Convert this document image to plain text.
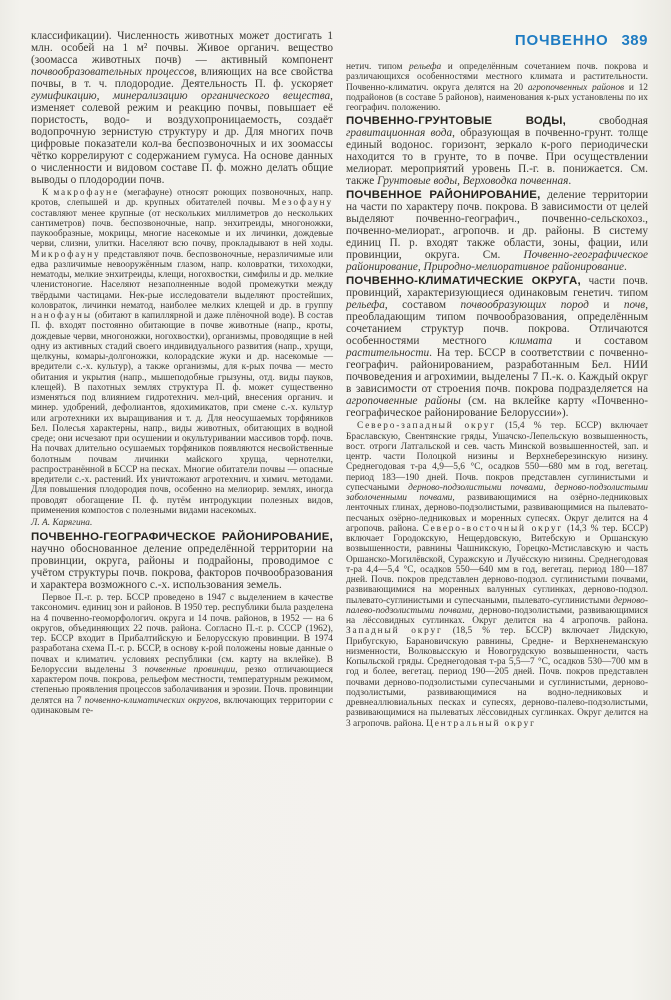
классификации). Численность животных может достигать 1 млн. особей на 1 м² почвы. Живое органич. вещество (зоомасса животных почв) — активный компонент почвообразовательных процессов, влияющих на все свойства почвы, в т. ч. плодородие. Деятельность П. ф. ускоряет гумификацию, минерализацию органического вещества, изменяет солевой режим и реакцию почвы, повышает её пористость, водо- и воздухопроницаемость, создаёт водопрочную зернистую структуру и др. Для многих почв цифровые показатели кол-ва беспозвоночных и их зоомассы чётко коррелируют с содержанием гумуса. На основе данных о численности и видовом составе П. ф. можно делать общие выводы о плодородии почв.

К макрофауне (мегафауне) относят роющих позвоночных, напр. кротов, слепышей и др. крупных обитателей почвы. Мезофауну составляют менее крупные (от нескольких миллиметров до нескольких сантиметров) почв. беспозвоночные, напр. энхитреиды, многоножки, паукообразные, мокрицы, многие насекомые и их личинки, дождевые черви, слизни, улитки. Населяют всю почву, прокладывают в ней ходы. Микрофауну представляют почв. беспозвоночные, неразличимые или едва различимые невооружённым глазом, напр. коловратки, тихоходки, нематоды, мелкие энхитреиды, клещи, ногохвостки, симфилы и др. мелкие членистоногие. Населяют незаполненные водой промежутки между твёрдыми частицами. Нек-рые исследователи выделяют простейших, коловраток, личинки нематод, наиболее мелких клещей и др. в группу нанофауны (обитают в капиллярной и даже плёночной воде). В состав П. ф. входят постоянно обитающие в почве животные (напр., кроты, дождевые черви, многоножки, ногохвостки), организмы, проводящие в ней одну из активных стадий своего индивидуального развития (напр., хрущи, щелкуны, комары-долгоножки, колорадские жуки и др. насекомые — вредители с.-х. культур), а также организмы, для к-рых почва — место обитания и укрытия (напр., мышеподобные грызуны, отд. виды пауков, клещей). В пахотных землях структура П. ф. может существенно изменяться под влиянием гидротехнич. мел-ций, внесения органич. и минер. удобрений, дефолиантов, ядохимикатов, при смене с.-х. культур или агротехники их выращивания и т. д. Для неосушаемых торфяников Бел. Полесья характерны, напр., виды животных, обитающих в водной среде; они исчезают при осушении и окультуривании массивов торф. почв. На почвах длительно осушаемых торфяников появляются несвойственные болотным почвам личинки майского хруща, чернотелки, распространённой в БССР на песках. Многие обитатели почвы — опасные вредители с.-х. растений. Их уничтожают агротехнич. и химич. методами. Для повышения плодородия почв, особенно на мелиорир. землях, иногда проводят обогащение П. ф. путём интродукции полезных видов, применения компостов с полезными видами насекомых.

Л. А. Карягина.

ПОЧВЕННО-ГЕОГРАФИЧЕСКОЕ РАЙОНИРОВАНИЕ, научно обоснованное деление определённой территории на провинции, округа, районы и подрайоны, проводимое с учётом структуры почв. покрова, факторов почвообразования и характера возможного с.-х. использования земель.

Первое П.-г. р. тер. БССР проведено в 1947 с выделением в качестве таксономич. единиц зон и районов. В 1950 тер. республики была разделена на 4 почвенно-геоморфологич. округа и 14 почв. районов, в 1952 — на 6 округов, объединяющих 22 почв. района. Согласно П.-г. р. СССР (1962), тер. БССР входит в Прибалтийскую и Белорусскую провинции. В 1974 разработана схема П.-г. р. БССР, в основу к-рой положены новые данные о почвах и климатич. условиях республики (см. карту на вклейке). В Белоруссии выделены 3 почвенные провинции, резко отличающиеся характером почв. покрова, рельефом местности, температурным режимом, степенью проявления процессов заболачивания и эрозии. Почв. провинции делятся на 7 почвенно-климатических округов, включающих территории с одинаковым ге-

ПОЧВЕННО 389

нетич. типом рельефа и определённым сочетанием почв. покрова и различающихся особенностями местного климата и растительности. Почвенно-климатич. округа делятся на 20 агропочвенных районов и 12 подрайонов (в составе 5 районов), наименования к-рых установлены по их географич. положению.

ПОЧВЕННО-ГРУНТОВЫЕ ВОДЫ, свободная гравитационная вода, образующая в почвенно-грунт. толще единый водонос. горизонт, зеркало к-рого периодически находится то в грунте, то в почве. При осуществлении мелиорат. мероприятий уровень П.-г. в. понижается. См. также Грунтовые воды, Верховодка почвенная.

ПОЧВЕННОЕ РАЙОНИРОВАНИЕ, деление территории на части по характеру почв. покрова. В зависимости от целей выделяют почвенно-географич., почвенно-сельскохоз., почвенно-мелиорат., агропочв. и др. районы. В систему единиц П. р. входят также области, зоны, фации, или провинции, округа. См. Почвенно-географическое районирование, Природно-мелиоративное районирование.

ПОЧВЕННО-КЛИМАТИЧЕСКИЕ ОКРУГА, части почв. провинций, характеризующиеся одинаковым генетич. типом рельефа, составом почвообразующих пород и почв, преобладающим типом почвообразования, определённым сочетанием структур почв. покрова. Отличаются особенностями местного климата и составом растительности. На тер. БССР в соответствии с почвенно-географич. районированием, разработанным Бел. НИИ почвоведения и агрохимии, выделены 7 П.-к. о. Каждый округ в зависимости от строения почв. покрова подразделяется на агропочвенные районы (см. на вклейке карту «Почвенно-географическое районирование Белоруссии»).

Северо-западный округ (15,4 % тер. БССР) включает Браславскую, Свентянские гряды, Ушачско-Лепельскую возвышенность, вост. отроги Латгальской и сев. часть Минской возвышенностей, зап. и центр. части Полоцкой низины и Верхнеберезинскую низину. Среднегодовая т-ра 4,9—5,6 °С, осадков 550—680 мм в год, вегетац. период 183—190 дней. Почв. покров представлен суглинистыми и супесчаными дерново-подзолистыми почвами, дерново-подзолистыми заболоченными почвами, развивающимися на озёрно-ледниковых ленточных глинах, дерново-подзолистыми, развивающимися на пылевато-песчаных озёрно-ледниковых и моренных супесях. Округ делится на 4 агропочв. района. Северо-восточный округ (14,3 % тер. БССР) включает Городокскую, Нещердовскую, Витебскую и Оршанскую возвышенности, равнины Чашникскую, Горецко-Мстиславскую и часть Оршанско-Могилёвской, Суражскую и Лучёсскую низины. Среднегодовая т-ра 4,4—5,4 °С, осадков 550—640 мм в год, вегетац. период 180—187 дней. Почв. покров представлен дерново-подзол. суглинистыми почвами, развивающимися на моренных валунных суглинках, дерново-подзол. пылевато-суглинистыми и супесчаными, пылевато-суглинистыми дерново-палево-подзолистыми почвами, дерново-подзолистыми, развивающимися на лёссовидных суглинках. Округ делится на 4 агропочв. района. Западный округ (18,5 % тер. БССР) включает Лидскую, Прибугскую, Барановичскую равнины, Средне- и Верхненеманскую низменности, Волковысскую и Новогрудскую возвышенности, часть Копыльской гряды. Среднегодовая т-ра 5,5—7 °С, осадков 530—700 мм в год и более, вегетац. период 190—205 дней. Почв. покров представлен почвами дерново-подзолистыми супесчаными и суглинистыми, дерново-подзолистыми, развивающимися на водно-ледниковых и древнеаллювиальных песках и супесях, дерново-палево-подзолистыми, развивающимися на пылеватых лёссовидных суглинках. Округ делится на 3 агропочв. района. Центральный округ
